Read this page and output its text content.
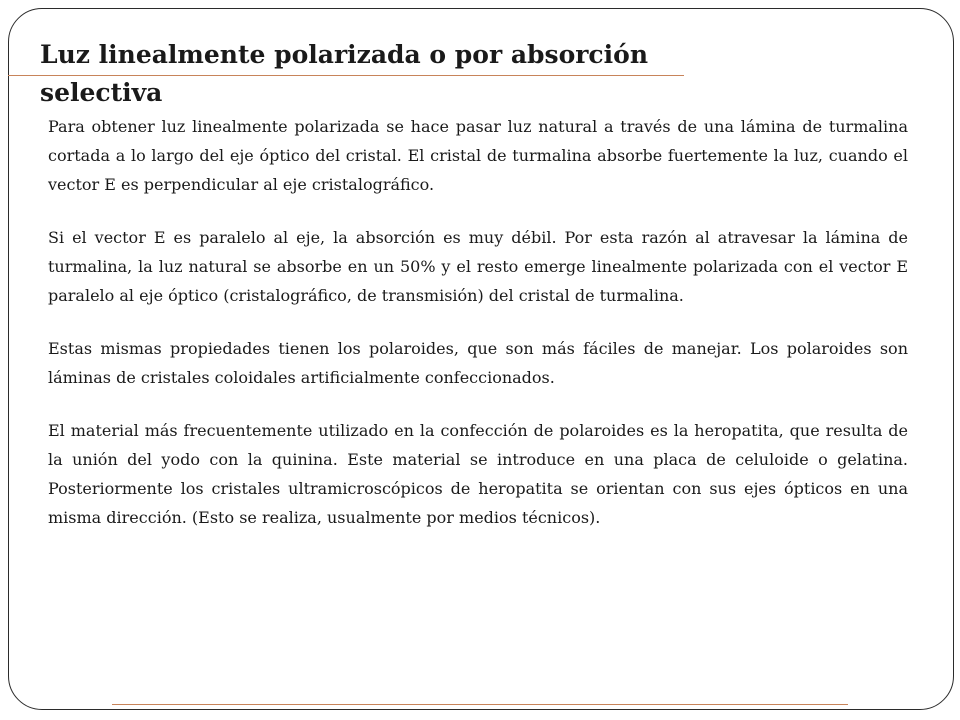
Luz linealmente polarizada o por absorción selectiva

Para obtener luz linealmente polarizada se hace pasar luz natural a través de una lámina de turmalina cortada a lo largo del eje óptico del cristal. El cristal de turmalina absorbe fuertemente la luz, cuando el vector E es perpendicular al eje cristalográfico.

Si el vector E es paralelo al eje, la absorción es muy débil. Por esta razón al atravesar la lámina de turmalina, la luz natural se absorbe en un 50% y el resto emerge linealmente polarizada con el vector E paralelo al eje óptico (cristalográfico, de transmisión) del cristal de turmalina.

Estas mismas propiedades tienen los polaroides, que son más fáciles de manejar. Los polaroides son láminas de cristales coloidales artificialmente confeccionados.

El material más frecuentemente utilizado en la confección de polaroides es la heropatita, que resulta de la unión del yodo con la quinina. Este material se introduce en una placa de celuloide o gelatina. Posteriormente los cristales ultramicroscópicos de heropatita se orientan con sus ejes ópticos en una misma dirección. (Esto se realiza, usualmente por medios técnicos).
